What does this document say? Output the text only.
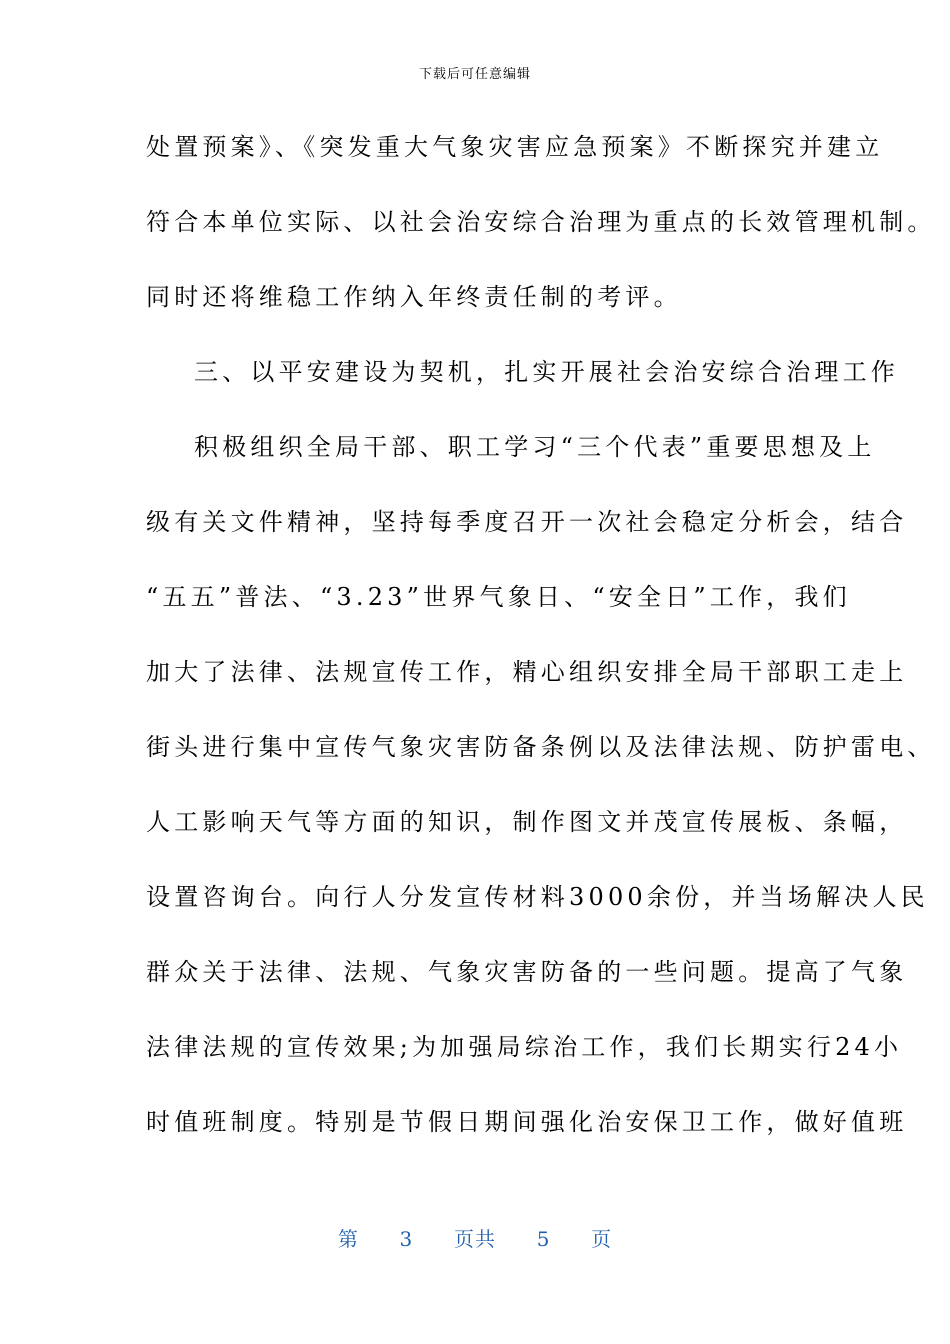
下载后可任意编辑
处置预案》、《突发重大气象灾害应急预案》不断探究并建立
符合本单位实际、以社会治安综合治理为重点的长效管理机制。
同时还将维稳工作纳入年终责任制的考评。
三、以平安建设为契机，扎实开展社会治安综合治理工作
积极组织全局干部、职工学习“三个代表”重要思想及上
级有关文件精神，坚持每季度召开一次社会稳定分析会，结合
“五五”普法、“3.23”世界气象日、“安全日”工作，我们
加大了法律、法规宣传工作，精心组织安排全局干部职工走上
街头进行集中宣传气象灾害防备条例以及法律法规、防护雷电、
人工影响天气等方面的知识，制作图文并茂宣传展板、条幅，
设置咨询台。向行人分发宣传材料3000余份，并当场解决人民
群众关于法律、法规、气象灾害防备的一些问题。提高了气象
法律法规的宣传效果;为加强局综治工作，我们长期实行24小
时值班制度。特别是节假日期间强化治安保卫工作，做好值班
第 3 页共 5 页
